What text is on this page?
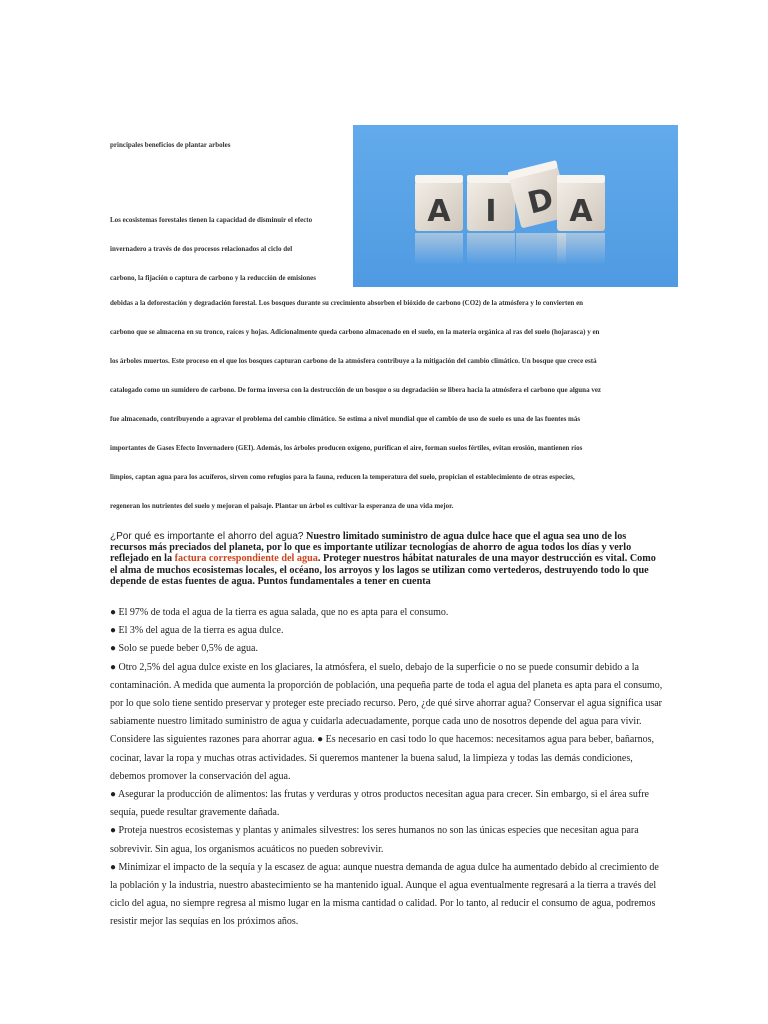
principales beneficios de plantar arboles
Los ecosistemas forestales tienen la capacidad de disminuir el efecto
invernadero a través de dos procesos relacionados al ciclo del
carbono, la fijación o captura de carbono y la reducción de emisiones
A I D A
debidas a la deforestación y degradación forestal. Los bosques durante su crecimiento absorben el bióxido de carbono (CO2) de la atmósfera y lo convierten en
carbono que se almacena en su tronco, raíces y hojas. Adicionalmente queda carbono almacenado en el suelo, en la materia orgánica al ras del suelo (hojarasca) y en
los árboles muertos. Este proceso en el que los bosques capturan carbono de la atmósfera contribuye a la mitigación del cambio climático. Un bosque que crece está
catalogado como un sumidero de carbono. De forma inversa con la destrucción de un bosque o su degradación se libera hacia la atmósfera el carbono que alguna vez
fue almacenado, contribuyendo a agravar el problema del cambio climático. Se estima a nivel mundial que el cambio de uso de suelo es una de las fuentes más
importantes de Gases Efecto Invernadero (GEI). Además, los árboles producen oxígeno, purifican el aire, forman suelos fértiles, evitan erosión, mantienen ríos
limpios, captan agua para los acuíferos, sirven como refugios para la fauna, reducen la temperatura del suelo, propician el establecimiento de otras especies,
regeneran los nutrientes del suelo y mejoran el paisaje. Plantar un árbol es cultivar la esperanza de una vida mejor.
¿Por qué es importante el ahorro del agua? Nuestro limitado suministro de agua dulce hace que el agua sea uno de los recursos más preciados del planeta, por lo que es importante utilizar tecnologías de ahorro de agua todos los días y verlo reflejado en la factura correspondiente del agua. Proteger nuestros hábitat naturales de una mayor destrucción es vital. Como el alma de muchos ecosistemas locales, el océano, los arroyos y los lagos se utilizan como vertederos, destruyendo todo lo que depende de estas fuentes de agua. Puntos fundamentales a tener en cuenta

● El 97% de toda el agua de la tierra es agua salada, que no es apta para el consumo.

● El 3% del agua de la tierra es agua dulce.

● Solo se puede beber 0,5% de agua.

● Otro 2,5% del agua dulce existe en los glaciares, la atmósfera, el suelo, debajo de la superficie o no se puede consumir debido a la contaminación. A medida que aumenta la proporción de población, una pequeña parte de toda el agua del planeta es apta para el consumo, por lo que solo tiene sentido preservar y proteger este preciado recurso. Pero, ¿de qué sirve ahorrar agua? Conservar el agua significa usar sabiamente nuestro limitado suministro de agua y cuidarla adecuadamente, porque cada uno de nosotros depende del agua para vivir. Considere las siguientes razones para ahorrar agua. ● Es necesario en casi todo lo que hacemos: necesitamos agua para beber, bañarnos, cocinar, lavar la ropa y muchas otras actividades. Si queremos mantener la buena salud, la limpieza y todas las demás condiciones, debemos promover la conservación del agua.

● Asegurar la producción de alimentos: las frutas y verduras y otros productos necesitan agua para crecer. Sin embargo, si el área sufre sequía, puede resultar gravemente dañada.

● Proteja nuestros ecosistemas y plantas y animales silvestres: los seres humanos no son las únicas especies que necesitan agua para sobrevivir. Sin agua, los organismos acuáticos no pueden sobrevivir.

● Minimizar el impacto de la sequía y la escasez de agua: aunque nuestra demanda de agua dulce ha aumentado debido al crecimiento de la población y la industria, nuestro abastecimiento se ha mantenido igual. Aunque el agua eventualmente regresará a la tierra a través del ciclo del agua, no siempre regresa al mismo lugar en la misma cantidad o calidad. Por lo tanto, al reducir el consumo de agua, podremos resistir mejor las sequías en los próximos años.
